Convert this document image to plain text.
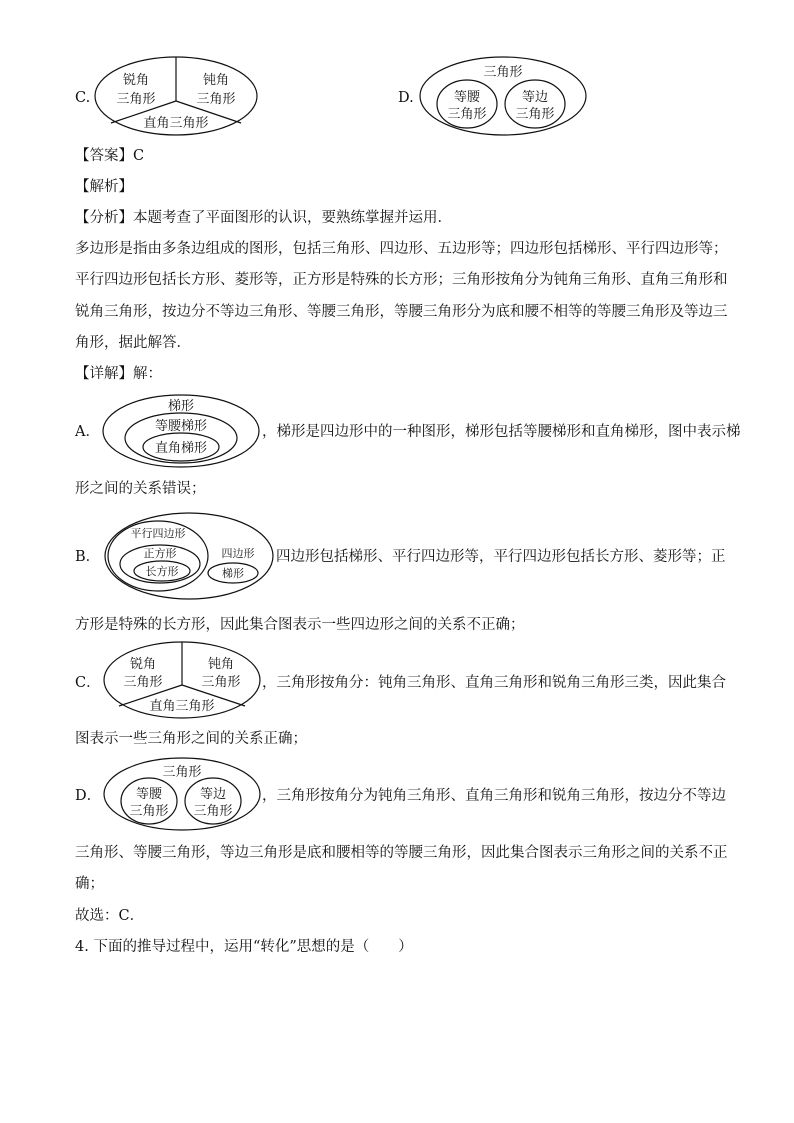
C.
锐角
三角形
钝角
三角形
直角三角形
D.
三角形
等腰
三角形
等边
三角形
【答案】C
【解析】
【分析】本题考查了平面图形的认识，要熟练掌握并运用．
多边形是指由多条边组成的图形，包括三角形、四边形、五边形等；四边形包括梯形、平行四边形等；
平行四边形包括长方形、菱形等，正方形是特殊的长方形；三角形按角分为钝角三角形、直角三角形和
锐角三角形，按边分不等边三角形、等腰三角形，等腰三角形分为底和腰不相等的等腰三角形及等边三
角形，据此解答．
【详解】解：
A．
梯形
等腰梯形
直角梯形
，梯形是四边形中的一种图形，梯形包括等腰梯形和直角梯形，图中表示梯
形之间的关系错误；
B．
平行四边形
正方形
长方形
四边形
梯形
四边形包括梯形、平行四边形等，平行四边形包括长方形、菱形等；正
方形是特殊的长方形，因此集合图表示一些四边形之间的关系不正确；
C．
锐角
三角形
钝角
三角形
直角三角形
，三角形按角分：钝角三角形、直角三角形和锐角三角形三类，因此集合
图表示一些三角形之间的关系正确；
D．
三角形
等腰
三角形
等边
三角形
，三角形按角分为钝角三角形、直角三角形和锐角三角形，按边分不等边
三角形、等腰三角形，等边三角形是底和腰相等的等腰三角形，因此集合图表示三角形之间的关系不正
确；
故选：C．
4. 下面的推导过程中，运用“转化”思想的是（　　）
